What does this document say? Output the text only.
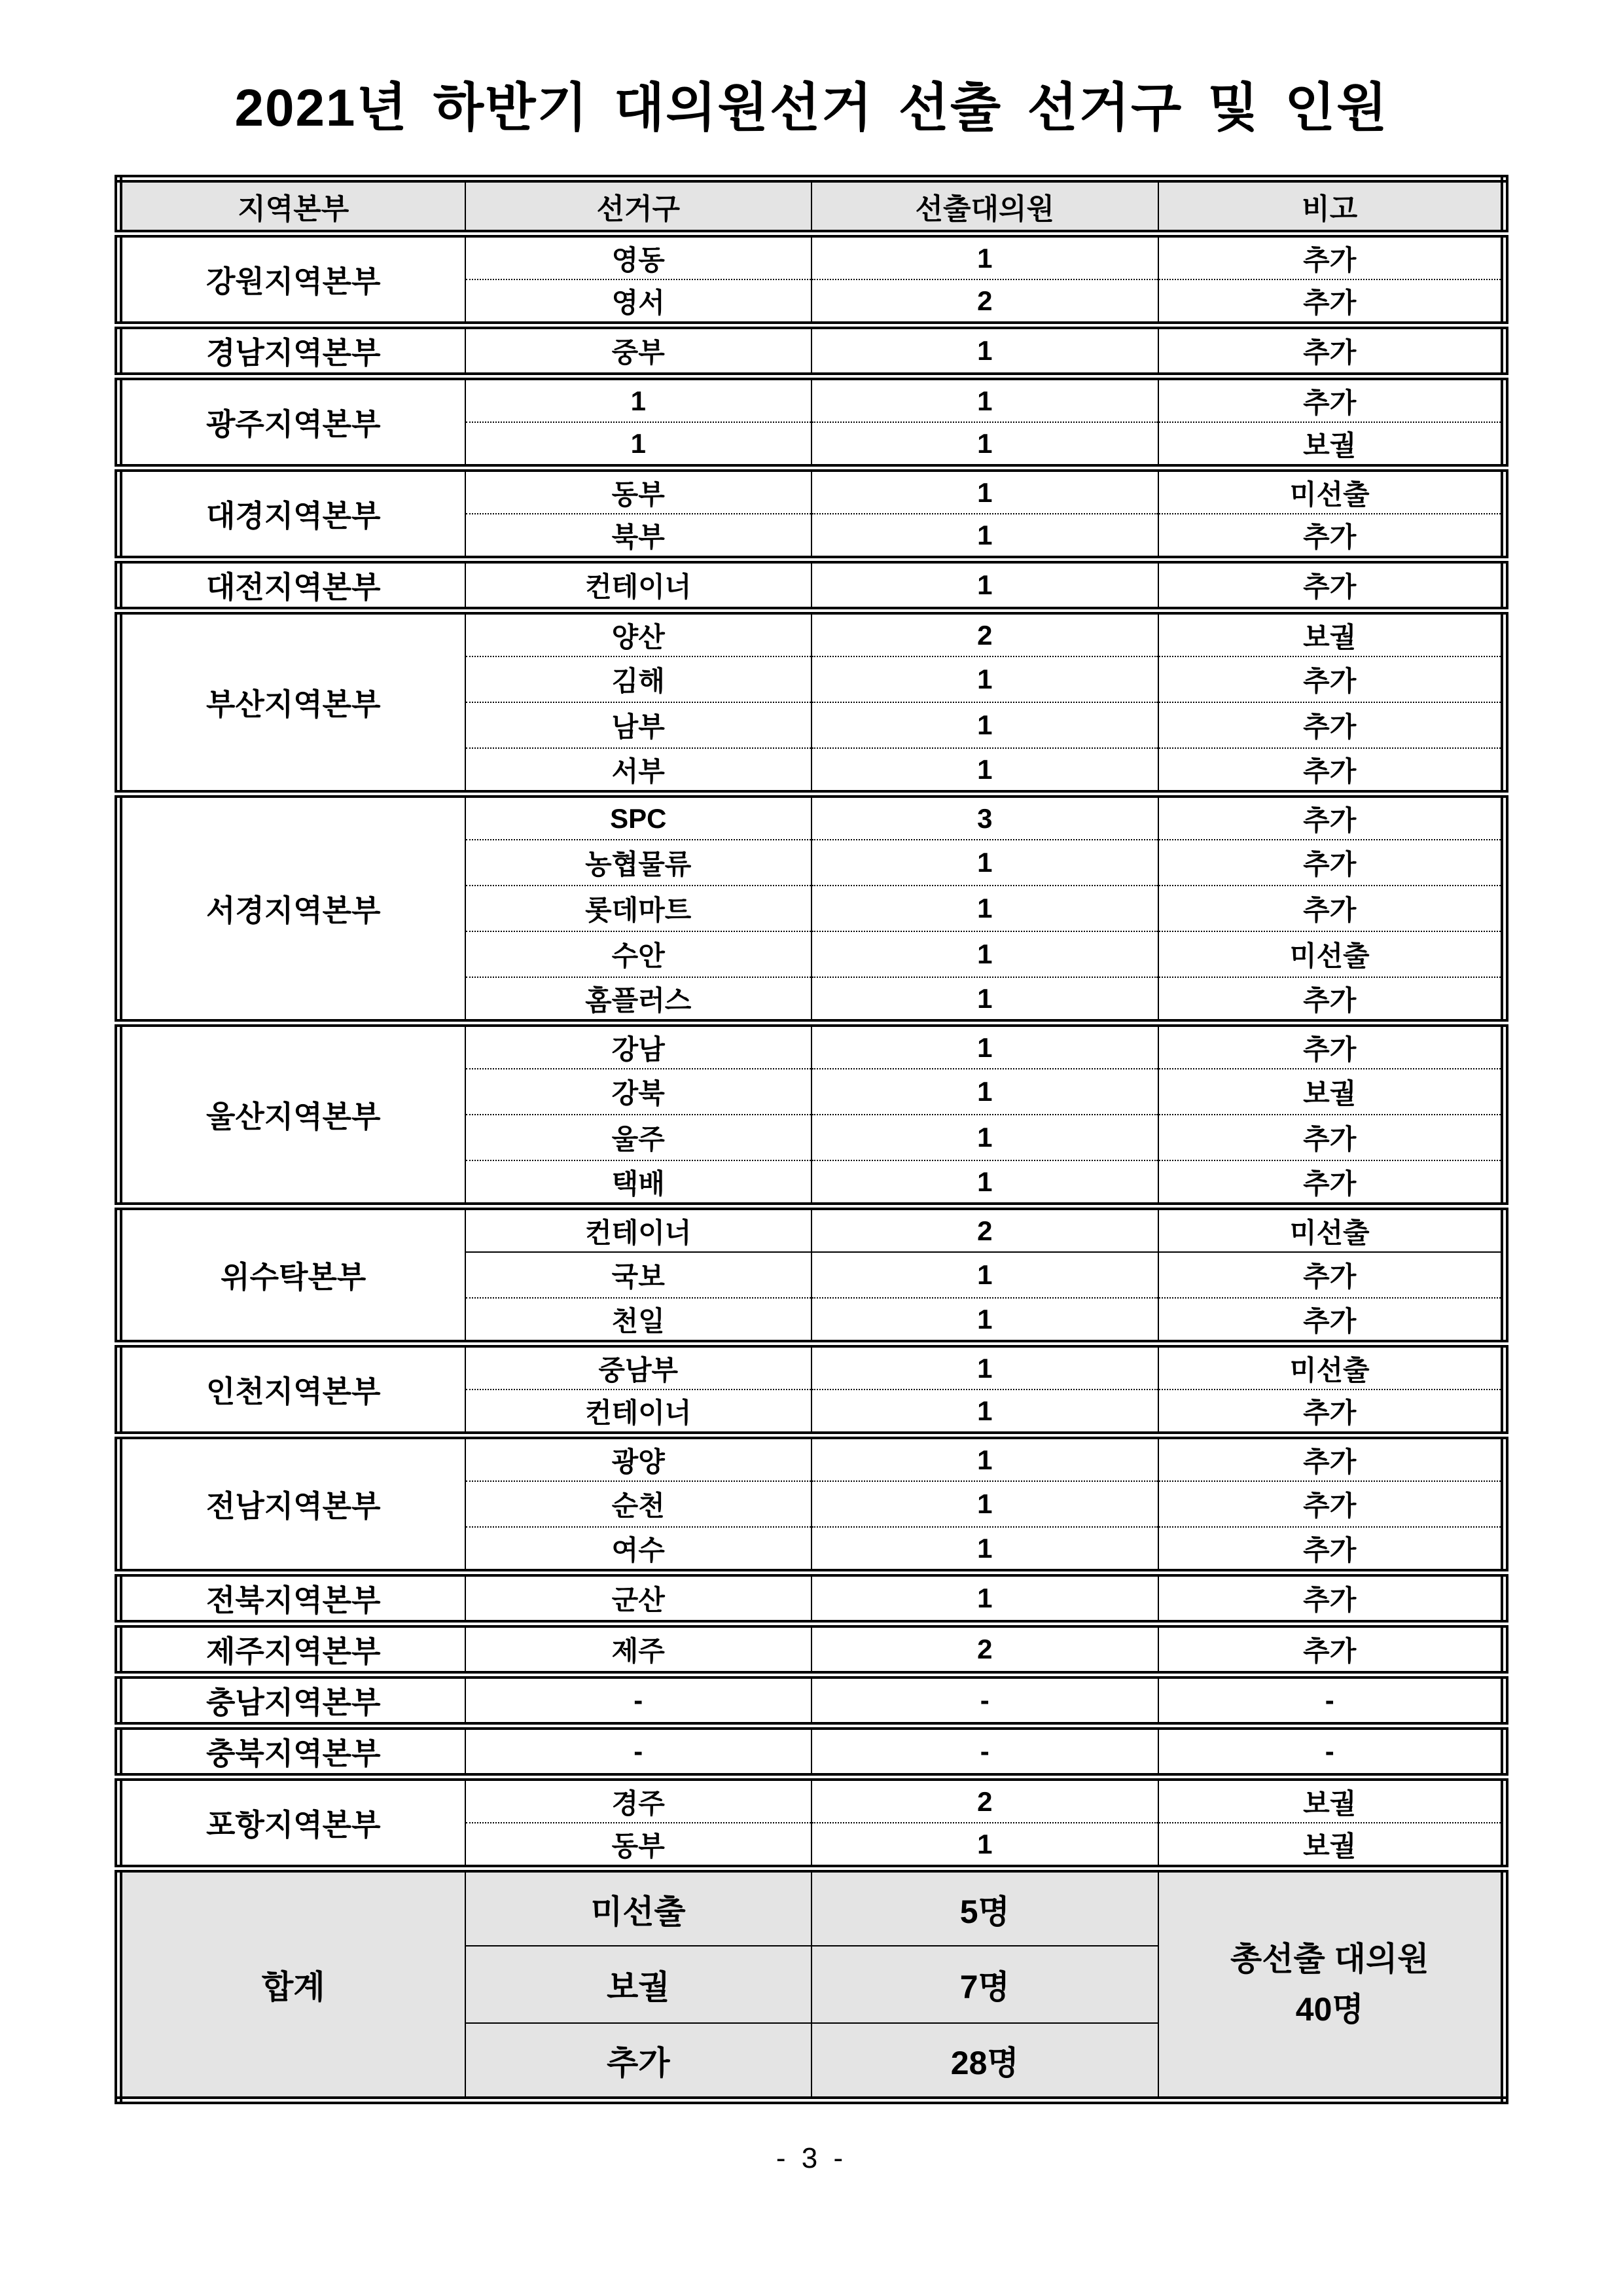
2021년 하반기 대의원선거 선출 선거구 및 인원
지역본부	선거구	선출대의원	비고
강원지역본부	영동	1	추가
	영서	2	추가
경남지역본부	중부	1	추가
광주지역본부	1	1	추가
	1	1	보궐
대경지역본부	동부	1	미선출
	북부	1	추가
대전지역본부	컨테이너	1	추가
부산지역본부	양산	2	보궐
	김해	1	추가
	남부	1	추가
	서부	1	추가
서경지역본부	SPC	3	추가
	농협물류	1	추가
	롯데마트	1	추가
	수안	1	미선출
	홈플러스	1	추가
울산지역본부	강남	1	추가
	강북	1	보궐
	울주	1	추가
	택배	1	추가
위수탁본부	컨테이너	2	미선출
	국보	1	추가
	천일	1	추가
인천지역본부	중남부	1	미선출
	컨테이너	1	추가
전남지역본부	광양	1	추가
	순천	1	추가
	여수	1	추가
전북지역본부	군산	1	추가
제주지역본부	제주	2	추가
충남지역본부	-	-	-
충북지역본부	-	-	-
포항지역본부	경주	2	보궐
	동부	1	보궐
합계	미선출	5명	총선출 대의원
40명

	보궐	7명	
	추가	28명	
- 3 -
